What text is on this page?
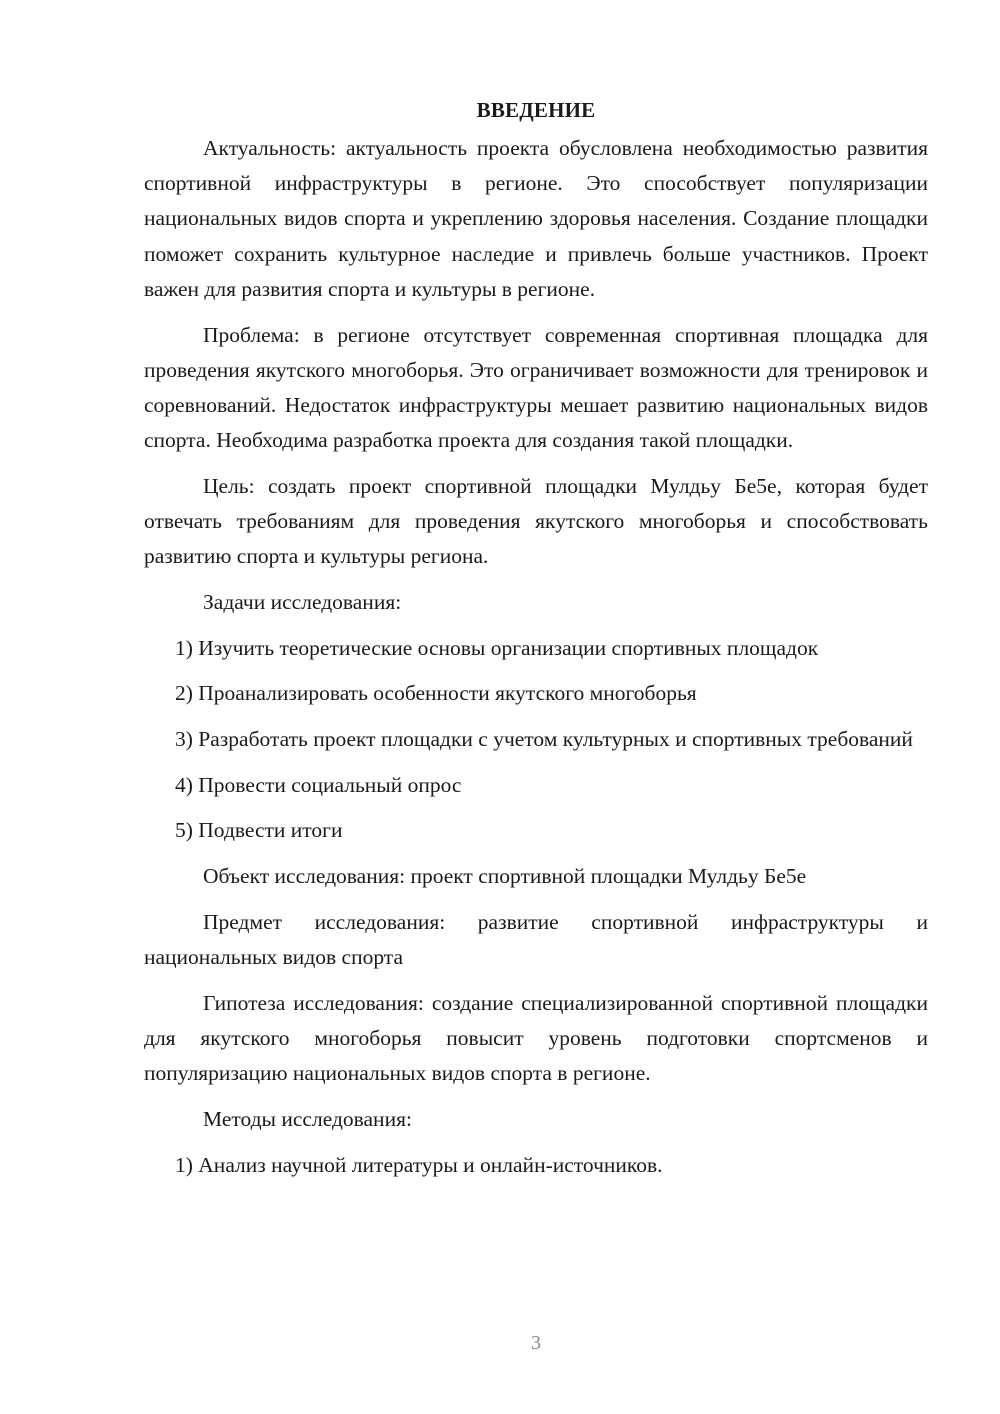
ВВЕДЕНИЕ

Актуальность: актуальность проекта обусловлена необходимостью развития спортивной инфраструктуры в регионе. Это способствует популяризации национальных видов спорта и укреплению здоровья населения. Создание площадки поможет сохранить культурное наследие и привлечь больше участников. Проект важен для развития спорта и культуры в регионе.

Проблема: в регионе отсутствует современная спортивная площадка для проведения якутского многоборья. Это ограничивает возможности для тренировок и соревнований. Недостаток инфраструктуры мешает развитию национальных видов спорта. Необходима разработка проекта для создания такой площадки.

Цель: создать проект спортивной площадки Мулдьу Бе5е, которая будет отвечать требованиям для проведения якутского многоборья и способствовать развитию спорта и культуры региона.

Задачи исследования:

1) Изучить теоретические основы организации спортивных площадок

2) Проанализировать особенности якутского многоборья

3) Разработать проект площадки с учетом культурных и спортивных требований

4) Провести социальный опрос

5) Подвести итоги

Объект исследования: проект спортивной площадки Мулдьу Бе5е

Предмет исследования: развитие спортивной инфраструктуры и национальных видов спорта

Гипотеза исследования: создание специализированной спортивной площадки для якутского многоборья повысит уровень подготовки спортсменов и популяризацию национальных видов спорта в регионе.

Методы исследования:

1) Анализ научной литературы и онлайн-источников.

3
